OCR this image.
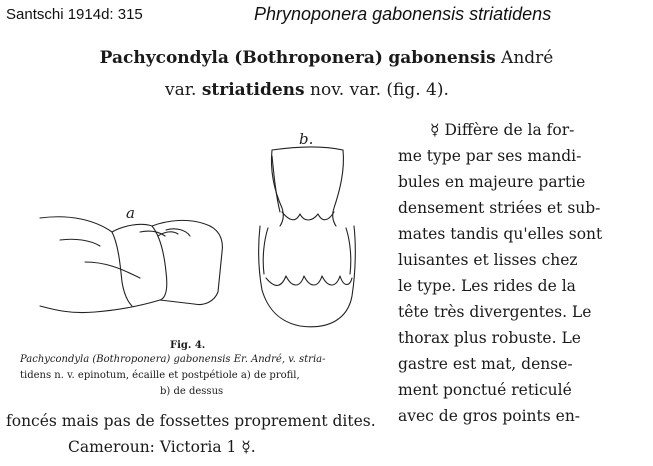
Santschi 1914d: 315	Phrynoponera gabonensis striatidens
Pachycondyla (Bothroponera) gabonensis André
var. striatidens nov. var. (fig. 4).
a
b.
Fig. 4.
Pachycondyla (Bothroponera) gabonensis Er. André, v. stria-
tidens n. v. epinotum, écaille et postpétiole a) de profil,
b) de dessus
☿ Diffère de la for-
me type par ses mandi-
bules en majeure partie
densement striées et sub-
mates tandis qu'elles sont
luisantes et lisses chez
le type. Les rides de la
tête très divergentes. Le
thorax plus robuste. Le
gastre est mat, dense-
ment ponctué reticulé
avec de gros points en-
foncés mais pas de fossettes proprement dites.
Cameroun: Victoria 1 ☿.
